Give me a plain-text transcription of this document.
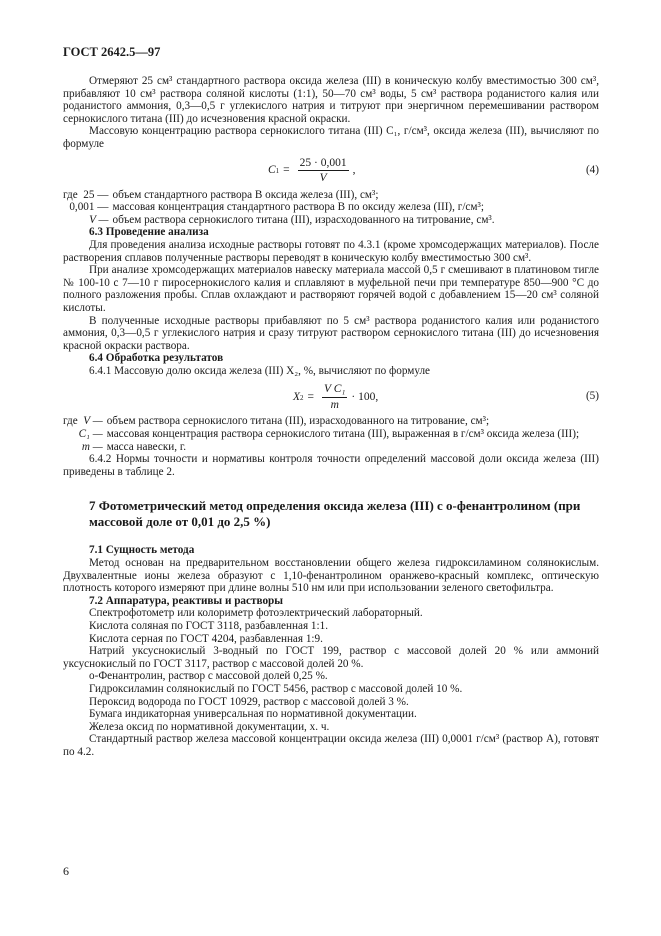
ГОСТ 2642.5—97

Отмеряют 25 см³ стандартного раствора оксида железа (III) в коническую колбу вместимостью 300 см³, прибавляют 10 см³ раствора соляной кислоты (1:1), 50—70 см³ воды, 5 см³ раствора роданистого калия или роданистого аммония, 0,3—0,5 г углекислого натрия и титруют при энергичном перемешивании раствором сернокислого титана (III) до исчезновения красной окраски.

Массовую концентрацию раствора сернокислого титана (III) С₁, г/см³, оксида железа (III), вычисляют по формуле

C $1 = \frac{25 \cdot 0,001}{V}$ ,	(4)
где 25 — объем стандартного раствора В оксида железа (III), см³;
0,001 — массовая концентрация стандартного раствора В по оксиду железа (III), г/см³;
V — объем раствора сернокислого титана (III), израсходованного на титрование, см³.

6.3 Проведение анализа

Для проведения анализа исходные растворы готовят по 4.3.1 (кроме хромсодержащих материалов). После растворения сплавов полученные растворы переводят в коническую колбу вместимостью 300 см³.

При анализе хромсодержащих материалов навеску материала массой 0,5 г смешивают в платиновом тигле № 100-10 с 7—10 г пиросернокислого калия и сплавляют в муфельной печи при температуре 850—900 °С до полного разложения пробы. Сплав охлаждают и растворяют горячей водой с добавлением 15—20 см³ соляной кислоты.

В полученные исходные растворы прибавляют по 5 см³ раствора роданистого калия или роданистого аммония, 0,3—0,5 г углекислого натрия и сразу титруют раствором сернокислого титана (III) до исчезновения красной окраски раствора.

6.4 Обработка результатов

6.4.1 Массовую долю оксида железа (III) X₂, %, вычисляют по формуле

X $2 = \frac{\text{V C₁}}{m} \cdot 100$,	(5)
где V — объем раствора сернокислого титана (III), израсходованного на титрование, см³;
C₁ — массовая концентрация раствора сернокислого титана (III), выраженная в г/см³ оксида железа (III);
m — масса навески, г.

6.4.2 Нормы точности и нормативы контроля точности определений массовой доли оксида железа (III) приведены в таблице 2.

7 Фотометрический метод определения оксида железа (III) с о-фенантролином (при массовой доле от 0,01 до 2,5 %)

7.1 Сущность метода

Метод основан на предварительном восстановлении общего железа гидроксиламином солянокислым. Двухвалентные ионы железа образуют с 1,10-фенантролином оранжево-красный комплекс, оптическую плотность которого измеряют при длине волны 510 нм или при использовании зеленого светофильтра.

7.2 Аппаратура, реактивы и растворы

Спектрофотометр или колориметр фотоэлектрический лабораторный.

Кислота соляная по ГОСТ 3118, разбавленная 1:1.

Кислота серная по ГОСТ 4204, разбавленная 1:9.

Натрий уксуснокислый 3-водный по ГОСТ 199, раствор с массовой долей 20 % или аммоний уксуснокислый по ГОСТ 3117, раствор с массовой долей 20 %.

о-Фенантролин, раствор с массовой долей 0,25 %.

Гидроксиламин солянокислый по ГОСТ 5456, раствор с массовой долей 10 %.

Пероксид водорода по ГОСТ 10929, раствор с массовой долей 3 %.

Бумага индикаторная универсальная по нормативной документации.

Железа оксид по нормативной документации, х. ч.

Стандартный раствор железа массовой концентрации оксида железа (III) 0,0001 г/см³ (раствор А), готовят по 4.2.

6
